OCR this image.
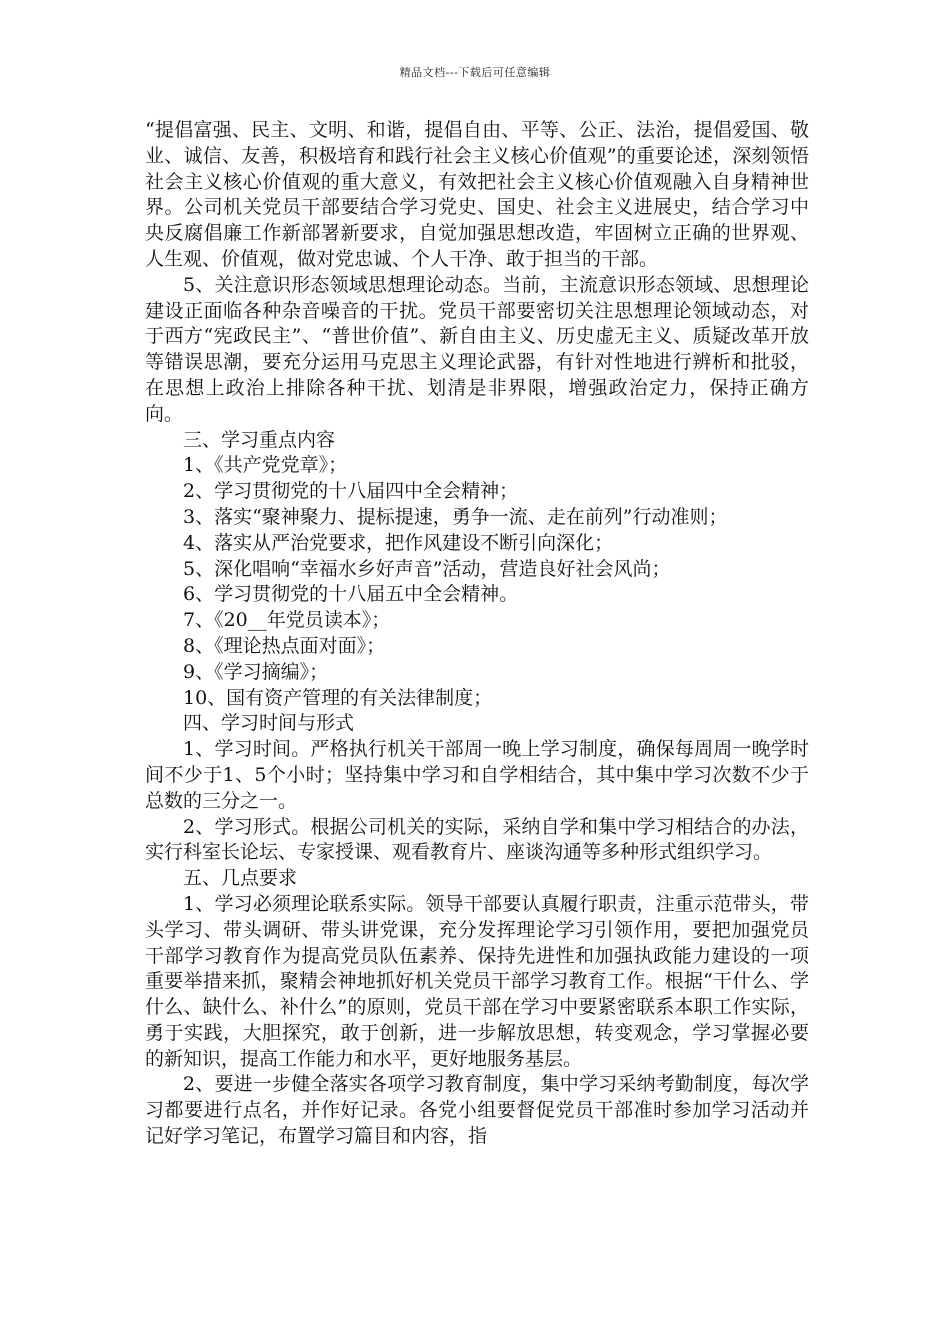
精品文档---下载后可任意编辑

“提倡富强、民主、文明、和谐，提倡自由、平等、公正、法治，提倡爱国、敬业、诚信、友善，积极培育和践行社会主义核心价值观”的重要论述，深刻领悟社会主义核心价值观的重大意义，有效把社会主义核心价值观融入自身精神世界。公司机关党员干部要结合学习党史、国史、社会主义进展史，结合学习中央反腐倡廉工作新部署新要求，自觉加强思想改造，牢固树立正确的世界观、人生观、价值观，做对党忠诚、个人干净、敢于担当的干部。

5、关注意识形态领域思想理论动态。当前，主流意识形态领域、思想理论建设正面临各种杂音噪音的干扰。党员干部要密切关注思想理论领域动态，对于西方“宪政民主”、“普世价值”、新自由主义、历史虚无主义、质疑改革开放等错误思潮，要充分运用马克思主义理论武器，有针对性地进行辨析和批驳，在思想上政治上排除各种干扰、划清是非界限，增强政治定力，保持正确方向。

三、学习重点内容

1、《共产党党章》；

2、学习贯彻党的十八届四中全会精神；

3、落实“聚神聚力、提标提速，勇争一流、走在前列”行动准则；

4、落实从严治党要求，把作风建设不断引向深化；

5、深化唱响“幸福水乡好声音”活动，营造良好社会风尚；

6、学习贯彻党的十八届五中全会精神。

7、《20__年党员读本》；

8、《理论热点面对面》；

9、《学习摘编》；

10、国有资产管理的有关法律制度；

四、学习时间与形式

1、学习时间。严格执行机关干部周一晚上学习制度，确保每周周一晚学时间不少于1、5个小时；坚持集中学习和自学相结合，其中集中学习次数不少于总数的三分之一。

2、学习形式。根据公司机关的实际，采纳自学和集中学习相结合的办法，实行科室长论坛、专家授课、观看教育片、座谈沟通等多种形式组织学习。

五、几点要求

1、学习必须理论联系实际。领导干部要认真履行职责，注重示范带头，带头学习、带头调研、带头讲党课，充分发挥理论学习引领作用，要把加强党员干部学习教育作为提高党员队伍素养、保持先进性和加强执政能力建设的一项重要举措来抓，聚精会神地抓好机关党员干部学习教育工作。根据“干什么、学什么、缺什么、补什么”的原则，党员干部在学习中要紧密联系本职工作实际，勇于实践，大胆探究，敢于创新，进一步解放思想，转变观念，学习掌握必要的新知识，提高工作能力和水平，更好地服务基层。

2、要进一步健全落实各项学习教育制度，集中学习采纳考勤制度，每次学习都要进行点名，并作好记录。各党小组要督促党员干部准时参加学习活动并记好学习笔记，布置学习篇目和内容，指
